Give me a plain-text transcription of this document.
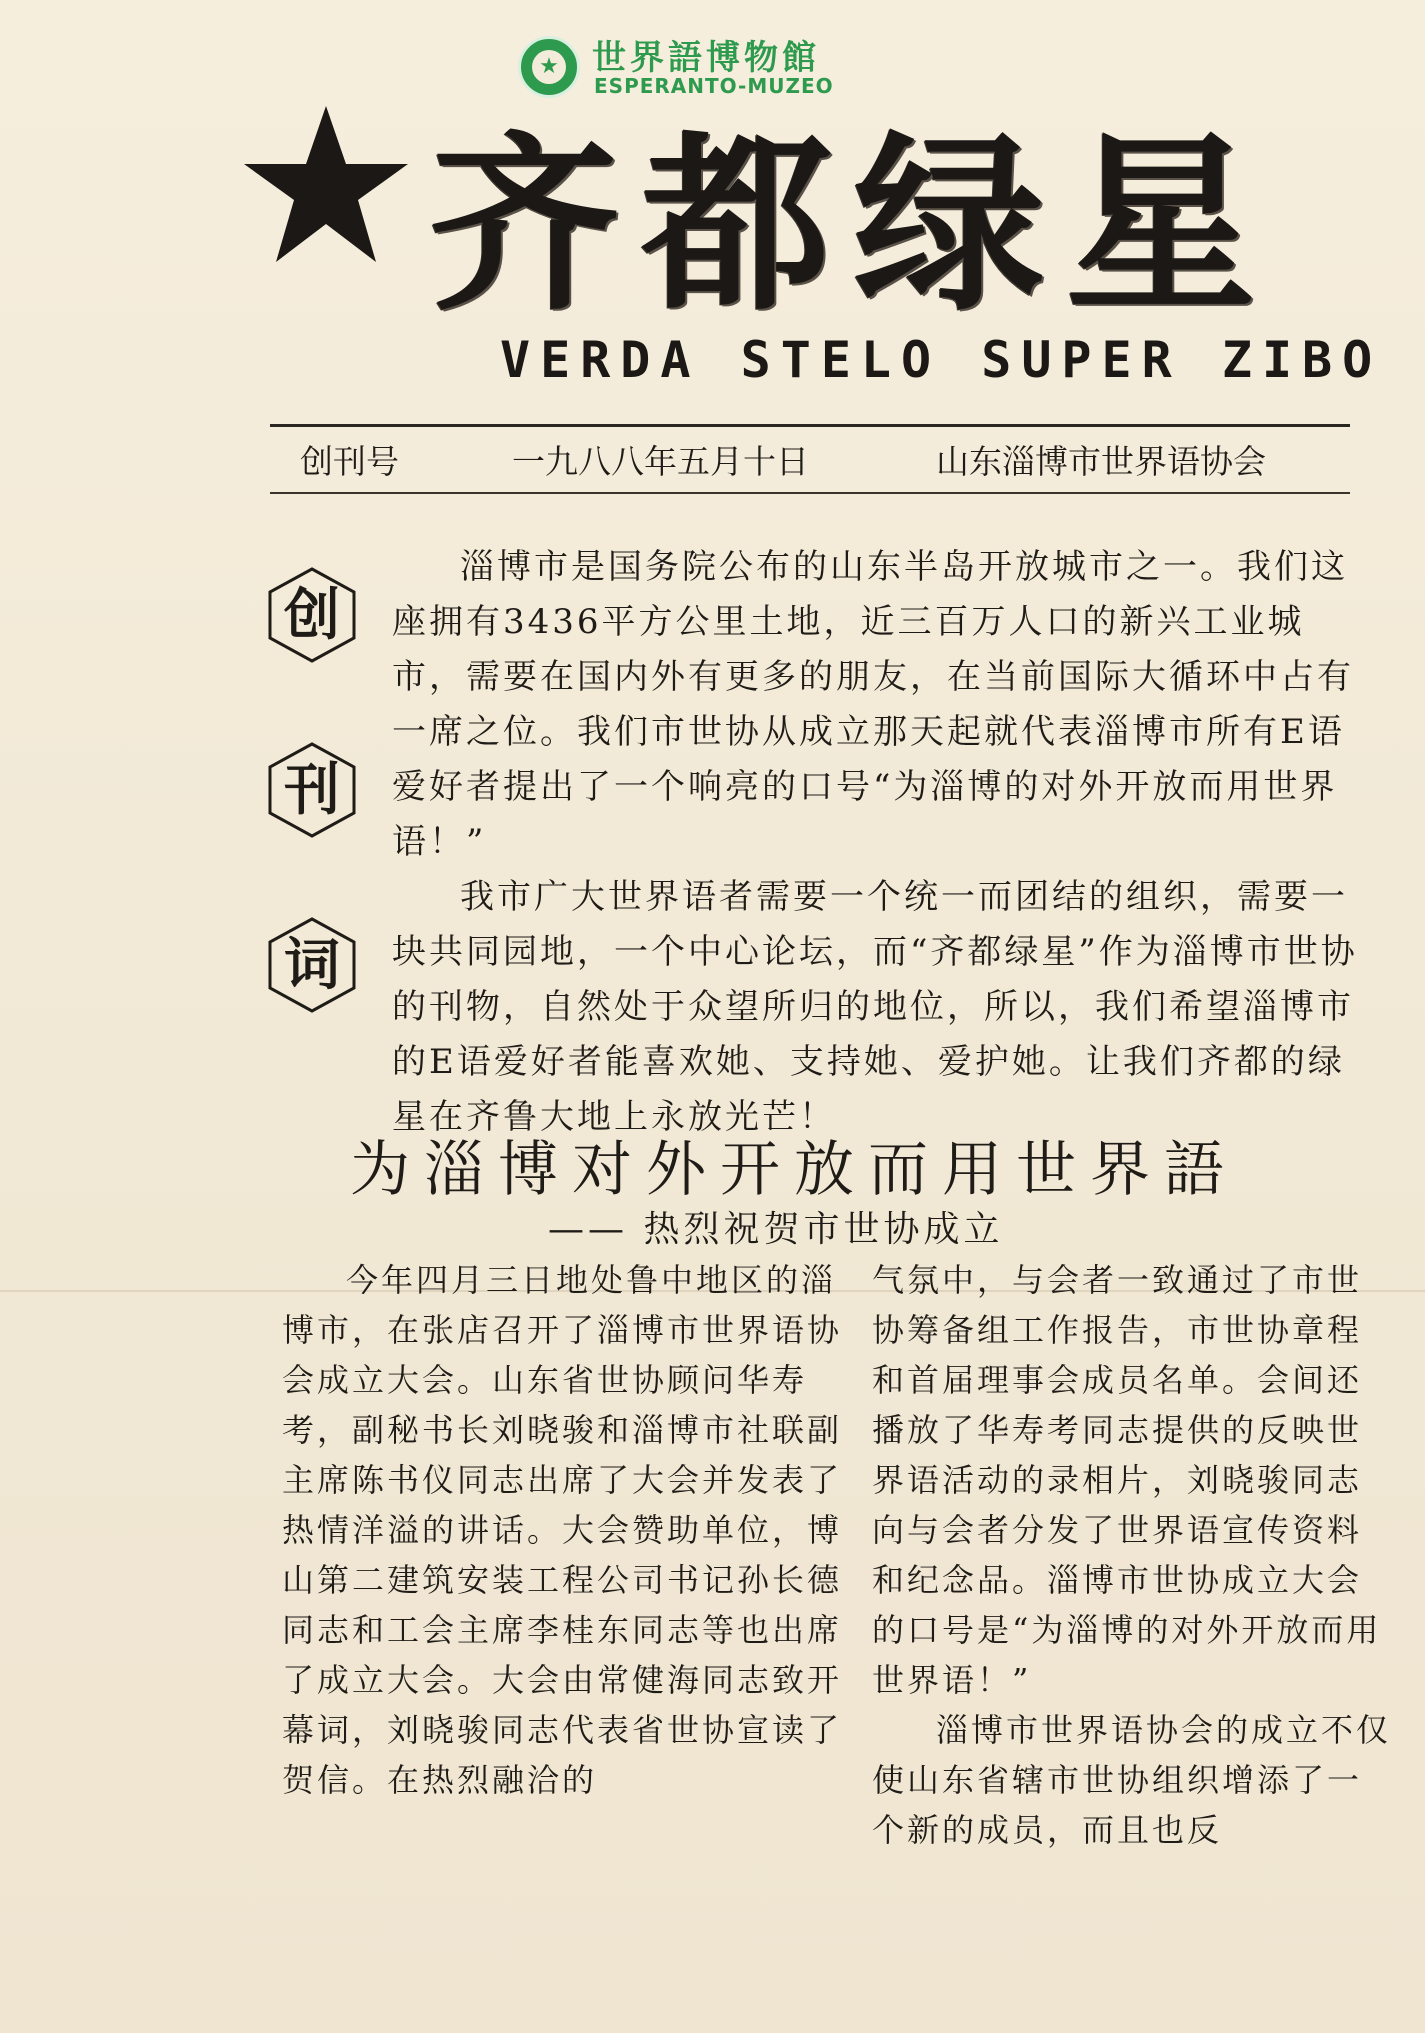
★ 世界語博物館
ESPERANTO-MUZEO
齐都绿星
VERDA STELO SUPER ZIBO
创刊号	一九八八年五月十日	山东淄博市世界语协会
创
刊
词

淄博市是国务院公布的山东半岛开放城市之一。我们这座拥有3436平方公里土地，近三百万人口的新兴工业城市，需要在国内外有更多的朋友，在当前国际大循环中占有一席之位。我们市世协从成立那天起就代表淄博市所有E语爱好者提出了一个响亮的口号“为淄博的对外开放而用世界语！”

我市广大世界语者需要一个统一而团结的组织，需要一块共同园地，一个中心论坛，而“齐都绿星”作为淄博市世协的刊物，自然处于众望所归的地位，所以，我们希望淄博市的E语爱好者能喜欢她、支持她、爱护她。让我们齐都的绿星在齐鲁大地上永放光芒！

为淄博对外开放而用世界語
—— 热烈祝贺市世协成立

今年四月三日地处鲁中地区的淄博市，在张店召开了淄博市世界语协会成立大会。山东省世协顾问华寿考，副秘书长刘晓骏和淄博市社联副主席陈书仪同志出席了大会并发表了热情洋溢的讲话。大会赞助单位，博山第二建筑安装工程公司书记孙长德同志和工会主席李桂东同志等也出席了成立大会。大会由常健海同志致开幕词，刘晓骏同志代表省世协宣读了贺信。在热烈融洽的

气氛中，与会者一致通过了市世协筹备组工作报告，市世协章程和首届理事会成员名单。会间还播放了华寿考同志提供的反映世界语活动的录相片，刘晓骏同志向与会者分发了世界语宣传资料和纪念品。淄博市世协成立大会的口号是“为淄博的对外开放而用世界语！”

淄博市世界语协会的成立不仅使山东省辖市世协组织增添了一个新的成员，而且也反
